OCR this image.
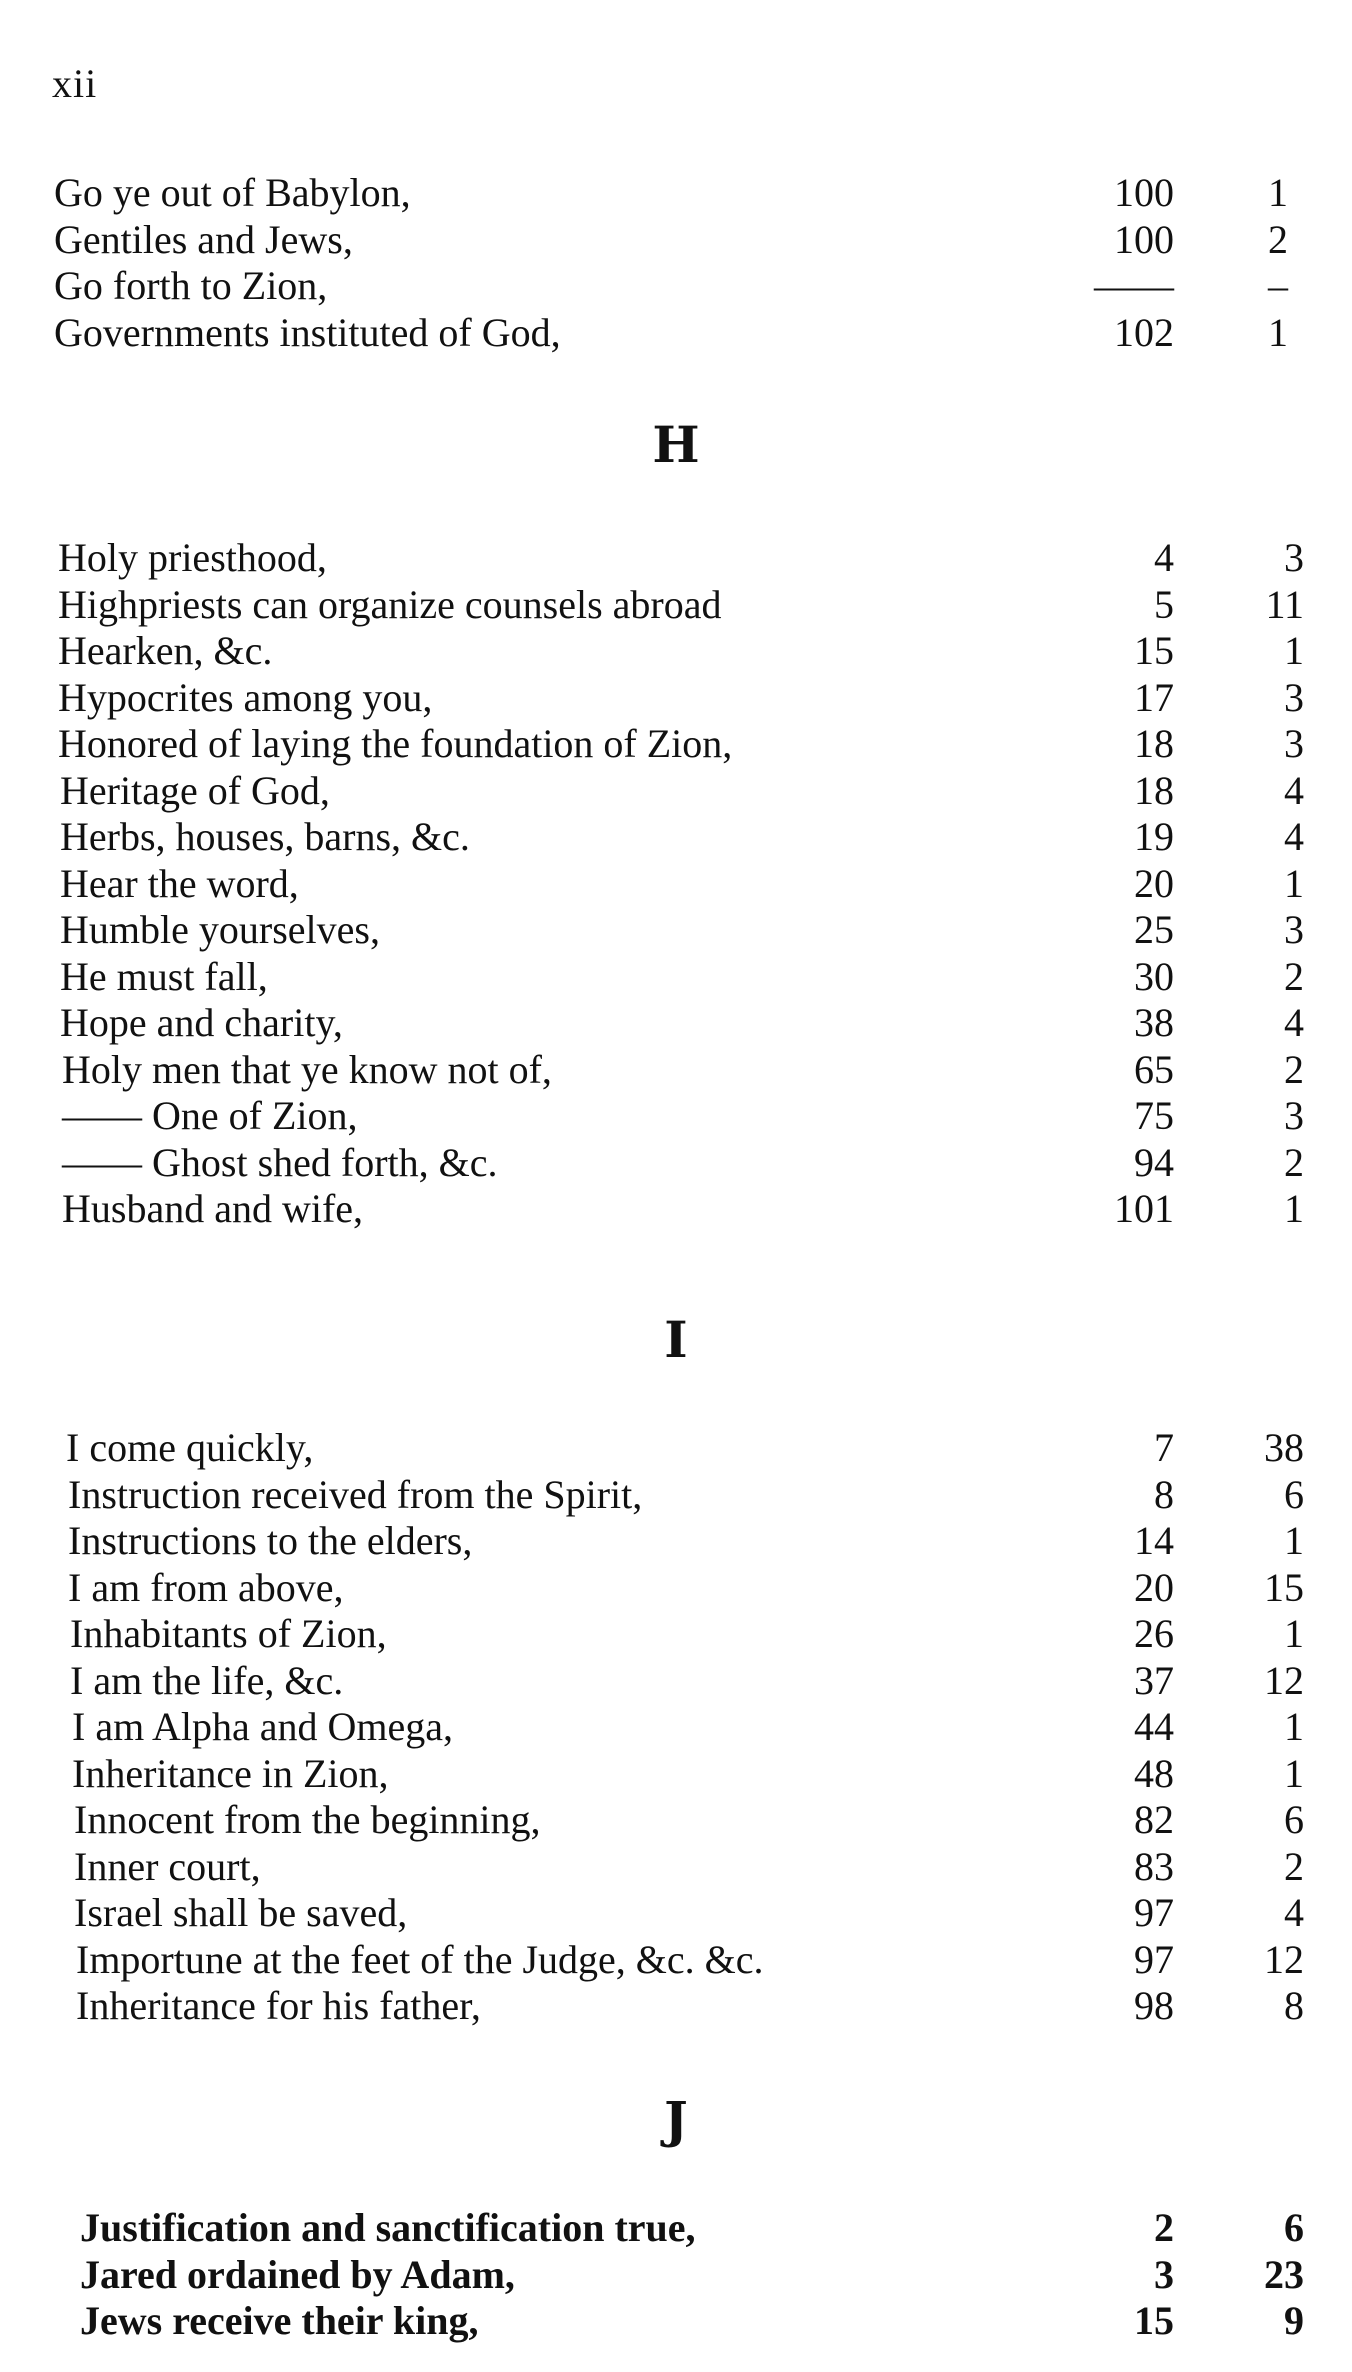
xii
Go ye out of Babylon,	100 1
Gentiles and Jews,	100 2
Go forth to Zion,	—— –
Governments instituted of God,	102 1
H
Holy priesthood,	4	3
Highpriests can organize counsels abroad	5 11
Hearken, &c.	15	1
Hypocrites among you,	17	3
Honored of laying the foundation of Zion,	18	3
Heritage of God,	18	4
Herbs, houses, barns, &c.	19	4
Hear the word,	20	1
Humble yourselves,	25	3
He must fall,	30	2
Hope and charity,	38	4
Holy men that ye know not of,	65	2
—— One of Zion,	75	3
—— Ghost shed forth, &c.	94	2
Husband and wife,	101	1
I
I come quickly,	7 38
Instruction received from the Spirit,	8	6
Instructions to the elders,	14	1
I am from above,	20 15
Inhabitants of Zion,	26	1
I am the life, &c.	37 12
I am Alpha and Omega,	44	1
Inheritance in Zion,	48	1
Innocent from the beginning,	82	6
Inner court,	83	2
Israel shall be saved,	97	4
Importune at the feet of the Judge, &c. &c.	97 12
Inheritance for his father,	98	8
J
Justification and sanctification true,	2	6
Jared ordained by Adam,	3 23
Jews receive their king,	15	9
